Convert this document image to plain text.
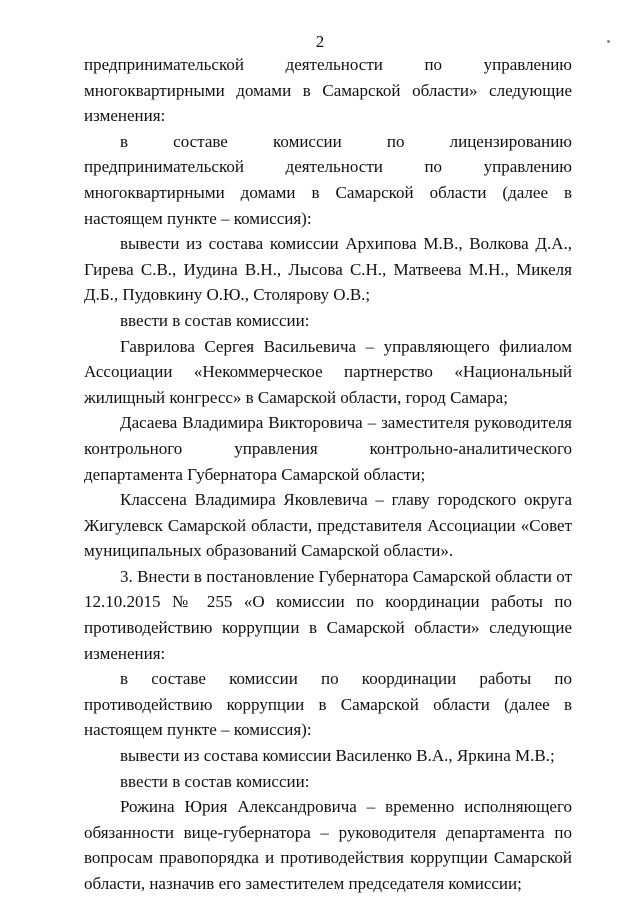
2

предпринимательской деятельности по управлению многоквартирными домами в Самарской области» следующие изменения:

в составе комиссии по лицензированию предпринимательской деятельности по управлению многоквартирными домами в Самарской области (далее в настоящем пункте – комиссия):

вывести из состава комиссии Архипова М.В., Волкова Д.А., Гирева С.В., Иудина В.Н., Лысова С.Н., Матвеева М.Н., Микеля Д.Б., Пудовкину О.Ю., Столярову О.В.;

ввести в состав комиссии:

Гаврилова Сергея Васильевича – управляющего филиалом Ассоциации «Некоммерческое партнерство «Национальный жилищный конгресс» в Самарской области, город Самара;

Дасаева Владимира Викторовича – заместителя руководителя контрольного управления контрольно-аналитического департамента Губернатора Самарской области;

Классена Владимира Яковлевича – главу городского округа Жигулевск Самарской области, представителя Ассоциации «Совет муниципальных образований Самарской области».

3. Внести в постановление Губернатора Самарской области от 12.10.2015 № 255 «О комиссии по координации работы по противодействию коррупции в Самарской области» следующие изменения:

в составе комиссии по координации работы по противодействию коррупции в Самарской области (далее в настоящем пункте – комиссия):

вывести из состава комиссии Василенко В.А., Яркина М.В.;

ввести в состав комиссии:

Рожина Юрия Александровича – временно исполняющего обязанности вице-губернатора – руководителя департамента по вопросам правопорядка и противодействия коррупции Самарской области, назначив его заместителем председателя комиссии;
